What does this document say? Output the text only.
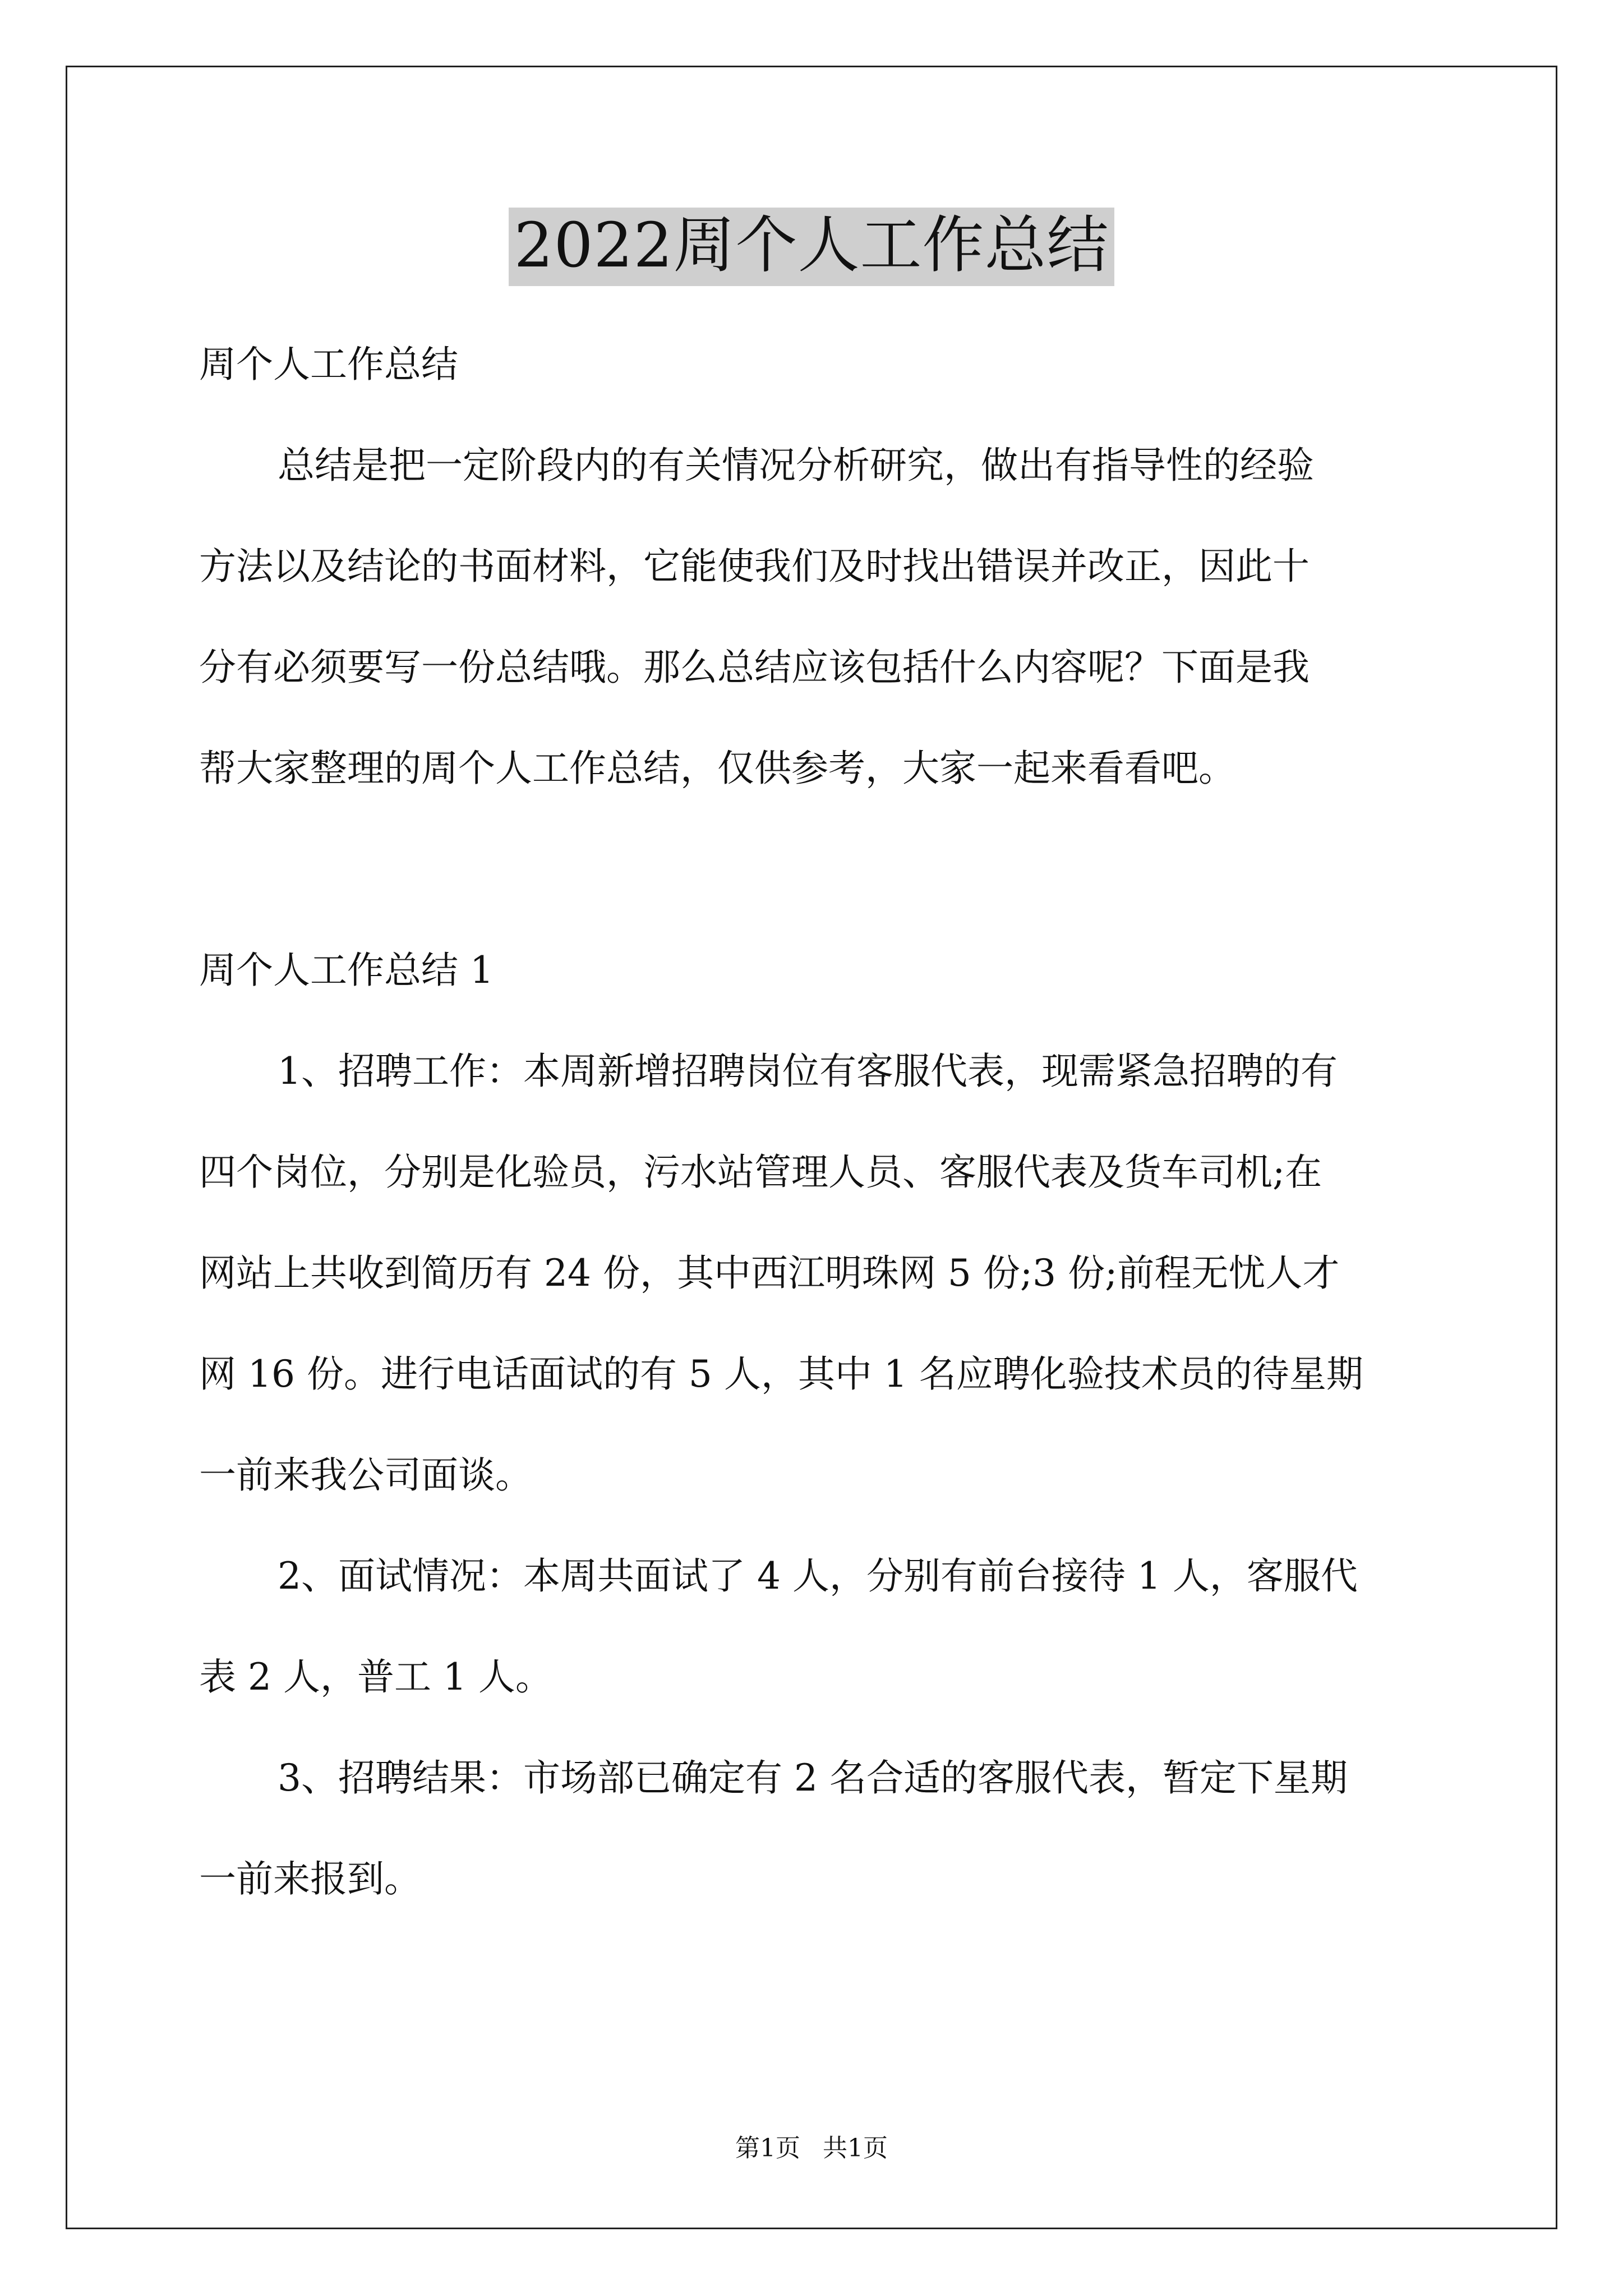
2022周个人工作总结
周个人工作总结
总结是把一定阶段内的有关情况分析研究，做出有指导性的经验
方法以及结论的书面材料，它能使我们及时找出错误并改正，因此十
分有必须要写一份总结哦。那么总结应该包括什么内容呢？下面是我
帮大家整理的周个人工作总结，仅供参考，大家一起来看看吧。
周个人工作总结 1
1、招聘工作：本周新增招聘岗位有客服代表，现需紧急招聘的有
四个岗位，分别是化验员，污水站管理人员、客服代表及货车司机;在
网站上共收到简历有 24 份，其中西江明珠网 5 份;3 份;前程无忧人才
网 16 份。进行电话面试的有 5 人，其中 1 名应聘化验技术员的待星期
一前来我公司面谈。
2、面试情况：本周共面试了 4 人，分别有前台接待 1 人，客服代
表 2 人，普工 1 人。
3、招聘结果：市场部已确定有 2 名合适的客服代表，暂定下星期
一前来报到。
第1页 共1页
